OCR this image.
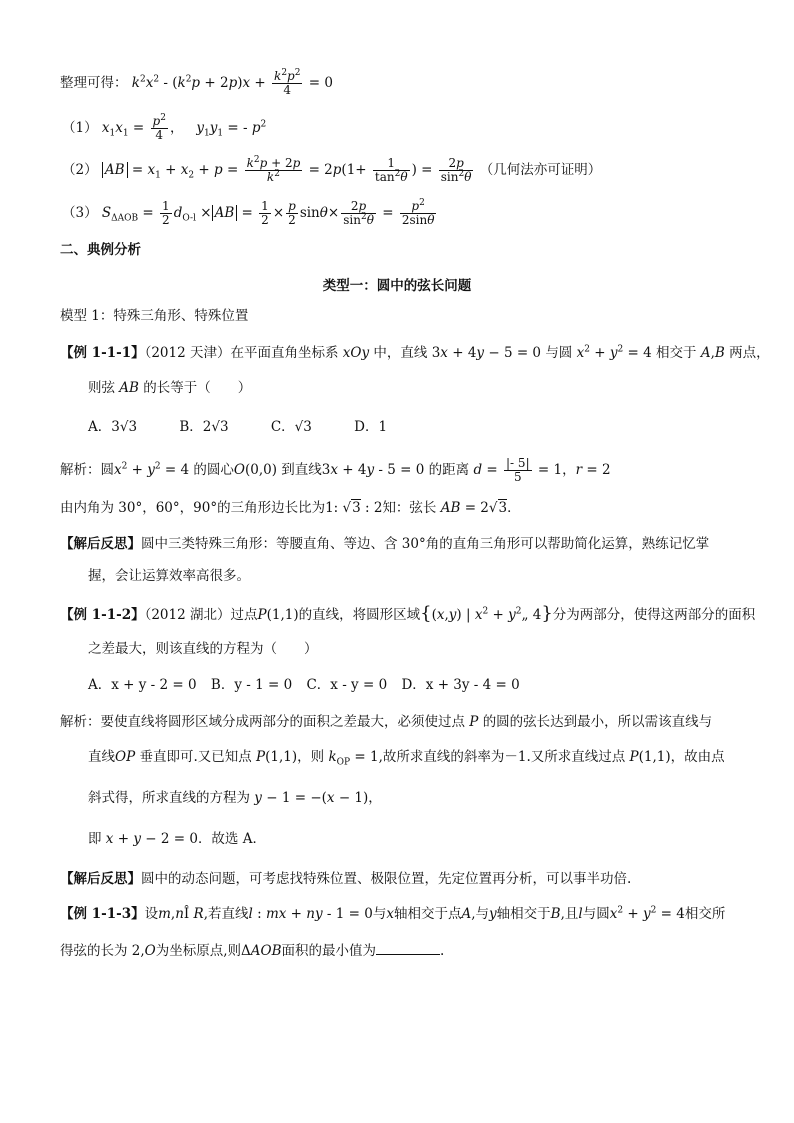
整理可得： $k^2x^2 - (k^2p + 2p)x + \frac{k^2p^2}{4} = 0$
（1） $x_1x_1 = \frac{p^2}{4}$ ，   $y_1y_1$ = - $p^2$
（2） AB = $x_1 + x_2 + p = \frac{k^2p + 2p}{k^2} = 2p(1+ \frac{1}{\tan^2\theta}$ ) = $\frac{2p}{\sin^2\theta}$ （几何法亦可证明）
（3） $S_{\Delta AOB} = \frac{1}{2} d_{O-l}$ × AB = $\frac{1}{2} \times \frac{p}{2} \sin\theta\times \frac{2p}{\sin^2\theta} = \frac{p^2}{2\sin\theta}$
二、典例分析
类型一：圆中的弦长问题
模型 1：特殊三角形、特殊位置
【例 1-1-1】（2012 天津）在平面直角坐标系 xOy 中，直线 3x + 4y − 5 = 0 与圆 $x^2 + y^2 = 4$ 相交于 A,B 两点，
则弦 AB 的长等于（　　）
A．3√3	B．2√3	C．√3	D．1
解析：圆$x^2 + y^2 = 4$ 的圆心O(0,0) 到直线3x + 4y - 5 = 0 的距离 $d = \frac{|- 5|}{5} = 1$，r = 2
由内角为 30°，60°，90°的三角形边长比为1: √3 : 2知：弦长 AB = 2√3．
【解后反思】圆中三类特殊三角形：等腰直角、等边、含 30°角的直角三角形可以帮助简化运算，熟练记忆掌
握，会让运算效率高很多。
【例 1-1-2】（2012 湖北）过点P(1,1)的直线，将圆形区域{(x,y) | $x^2$ + $y^2„$ 4}分为两部分，使得这两部分的面积
之差最大，则该直线的方程为（　　）
A．x + y - 2 = 0 B．y - 1 = 0 C．x - y = 0 D．x + 3y - 4 = 0
解析：要使直线将圆形区域分成两部分的面积之差最大，必须使过点 P 的圆的弦长达到最小，所以需该直线与
直线OP 垂直即可.又已知点 P(1,1)，则 $k_{OP} = 1$,故所求直线的斜率为－1.又所求直线过点 P(1,1)，故由点
斜式得，所求直线的方程为 y − 1 = −(x − 1)，
即 x + y − 2 = 0．故选 A．
【解后反思】圆中的动态问题，可考虑找特殊位置、极限位置，先定位置再分析，可以事半功倍.
【例 1-1-3】设m,nÎ R,若直线l : mx + ny - 1 = 0与x轴相交于点A,与y轴相交于B,且l与圆$x^2 + y^2 = 4$相交所
得弦的长为 2,O为坐标原点,则ΔAOB面积的最小值为	.
